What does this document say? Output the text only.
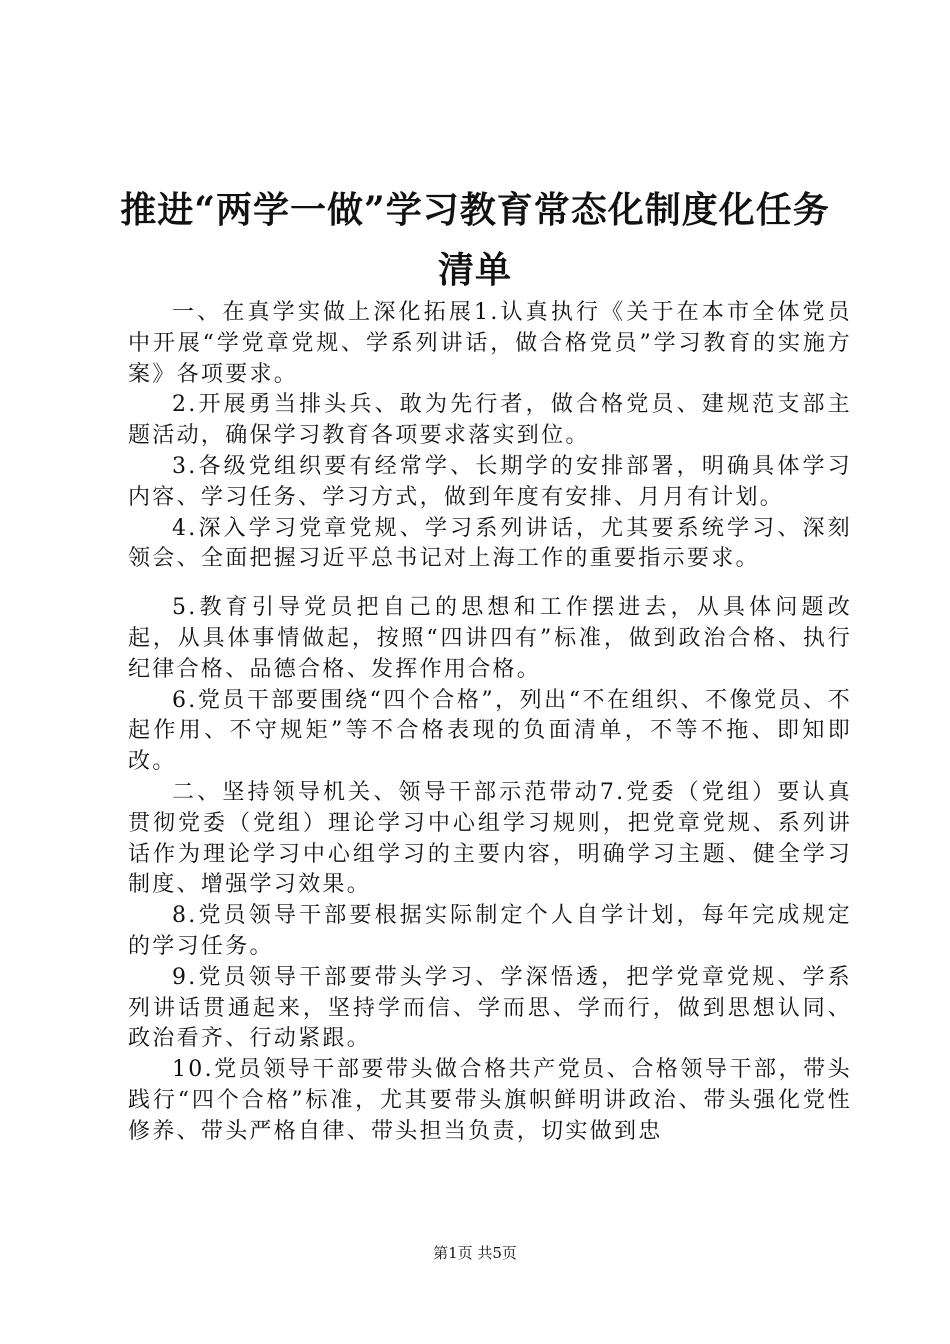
推进“两学一做”学习教育常态化制度化任务
清单

一、在真学实做上深化拓展1.认真执行《关于在本市全体党员中开展“学党章党规、学系列讲话，做合格党员”学习教育的实施方案》各项要求。

2.开展勇当排头兵、敢为先行者，做合格党员、建规范支部主题活动，确保学习教育各项要求落实到位。

3.各级党组织要有经常学、长期学的安排部署，明确具体学习内容、学习任务、学习方式，做到年度有安排、月月有计划。

4.深入学习党章党规、学习系列讲话，尤其要系统学习、深刻领会、全面把握习近平总书记对上海工作的重要指示要求。

5.教育引导党员把自己的思想和工作摆进去，从具体问题改起，从具体事情做起，按照“四讲四有”标准，做到政治合格、执行纪律合格、品德合格、发挥作用合格。

6.党员干部要围绕“四个合格”，列出“不在组织、不像党员、不起作用、不守规矩”等不合格表现的负面清单，不等不拖、即知即改。

二、坚持领导机关、领导干部示范带动7.党委（党组）要认真贯彻党委（党组）理论学习中心组学习规则，把党章党规、系列讲话作为理论学习中心组学习的主要内容，明确学习主题、健全学习制度、增强学习效果。

8.党员领导干部要根据实际制定个人自学计划，每年完成规定的学习任务。

9.党员领导干部要带头学习、学深悟透，把学党章党规、学系列讲话贯通起来，坚持学而信、学而思、学而行，做到思想认同、政治看齐、行动紧跟。

10.党员领导干部要带头做合格共产党员、合格领导干部，带头践行“四个合格”标准，尤其要带头旗帜鲜明讲政治、带头强化党性修养、带头严格自律、带头担当负责，切实做到忠

第1页 共5页
